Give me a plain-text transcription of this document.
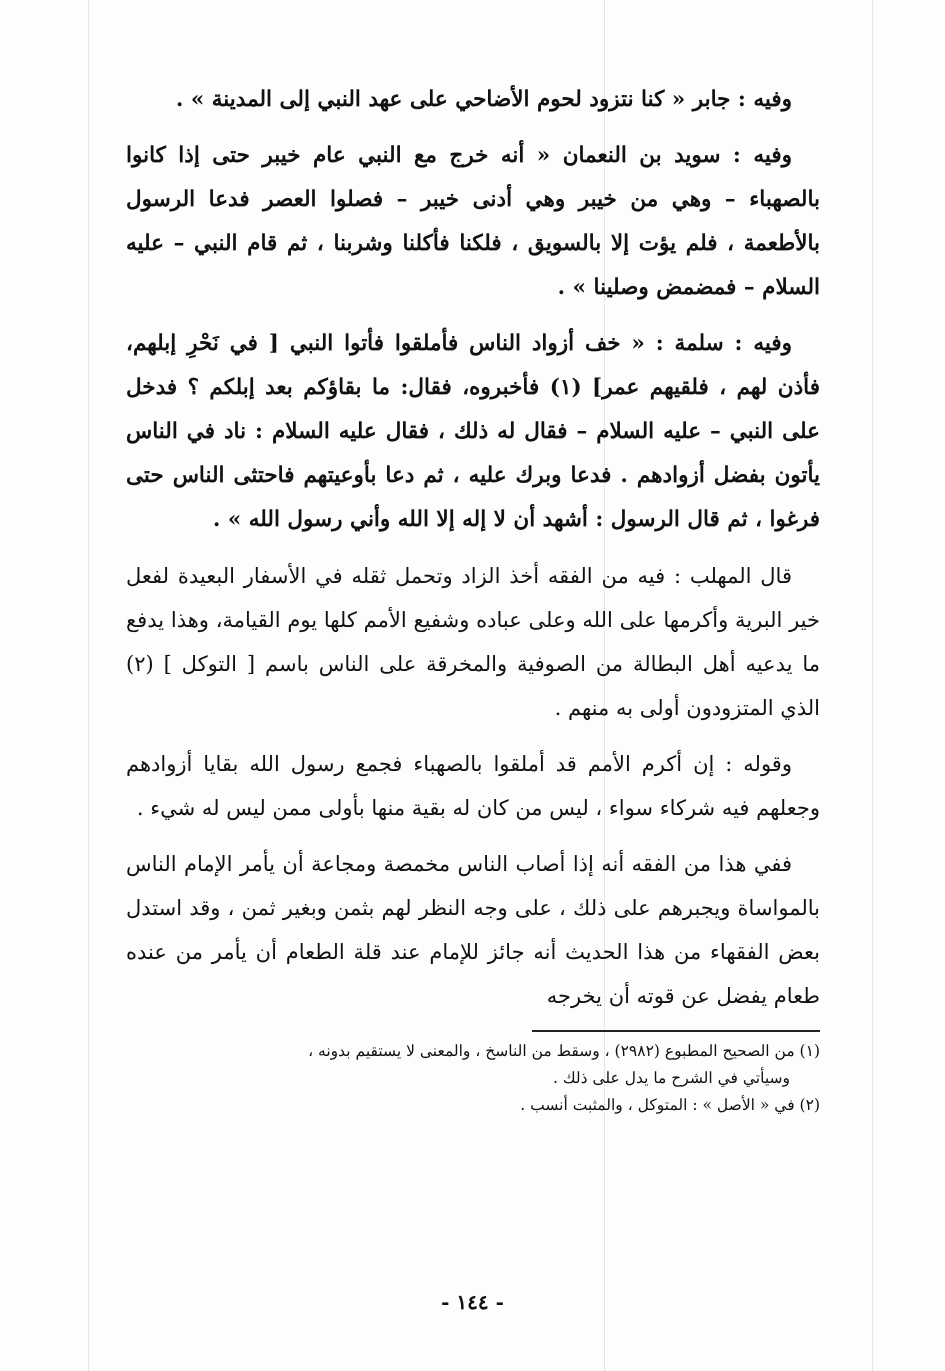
وفيه : جابر « كنا نتزود لحوم الأضاحي على عهد النبي إلى المدينة » .

وفيه : سويد بن النعمان « أنه خرج مع النبي عام خيبر حتى إذا كانوا بالصهباء – وهي من خيبر وهي أدنى خيبر – فصلوا العصر فدعا الرسول بالأطعمة ، فلم يؤت إلا بالسويق ، فلكنا فأكلنا وشربنا ، ثم قام النبي – عليه السلام – فمضمض وصلينا » .

وفيه : سلمة : « خف أزواد الناس فأملقوا فأتوا النبي [ في نَحْرِ إبلهم، فأذن لهم ، فلقيهم عمر] (١) فأخبروه، فقال: ما بقاؤكم بعد إبلكم ؟ فدخل على النبي – عليه السلام – فقال له ذلك ، فقال عليه السلام : ناد في الناس يأتون بفضل أزوادهم . فدعا وبرك عليه ، ثم دعا بأوعيتهم فاحتثى الناس حتى فرغوا ، ثم قال الرسول : أشهد أن لا إله إلا الله وأني رسول الله » .

قال المهلب : فيه من الفقه أخذ الزاد وتحمل ثقله في الأسفار البعيدة لفعل خير البرية وأكرمها على الله وعلى عباده وشفيع الأمم كلها يوم القيامة، وهذا يدفع ما يدعيه أهل البطالة من الصوفية والمخرقة على الناس باسم [ التوكل ] (٢) الذي المتزودون أولى به منهم .

وقوله : إن أكرم الأمم قد أملقوا بالصهباء فجمع رسول الله بقايا أزوادهم وجعلهم فيه شركاء سواء ، ليس من كان له بقية منها بأولى ممن ليس له شيء .

ففي هذا من الفقه أنه إذا أصاب الناس مخمصة ومجاعة أن يأمر الإمام الناس بالمواساة ويجبرهم على ذلك ، على وجه النظر لهم بثمن وبغير ثمن ، وقد استدل بعض الفقهاء من هذا الحديث أنه جائز للإمام عند قلة الطعام أن يأمر من عنده طعام يفضل عن قوته أن يخرجه

(١) من الصحيح المطبوع (٢٩٨٢) ، وسقط من الناسخ ، والمعنى لا يستقيم بدونه ،
وسيأتي في الشرح ما يدل على ذلك .

(٢) في « الأصل » : المتوكل ، والمثبت أنسب .

- ١٤٤ -
